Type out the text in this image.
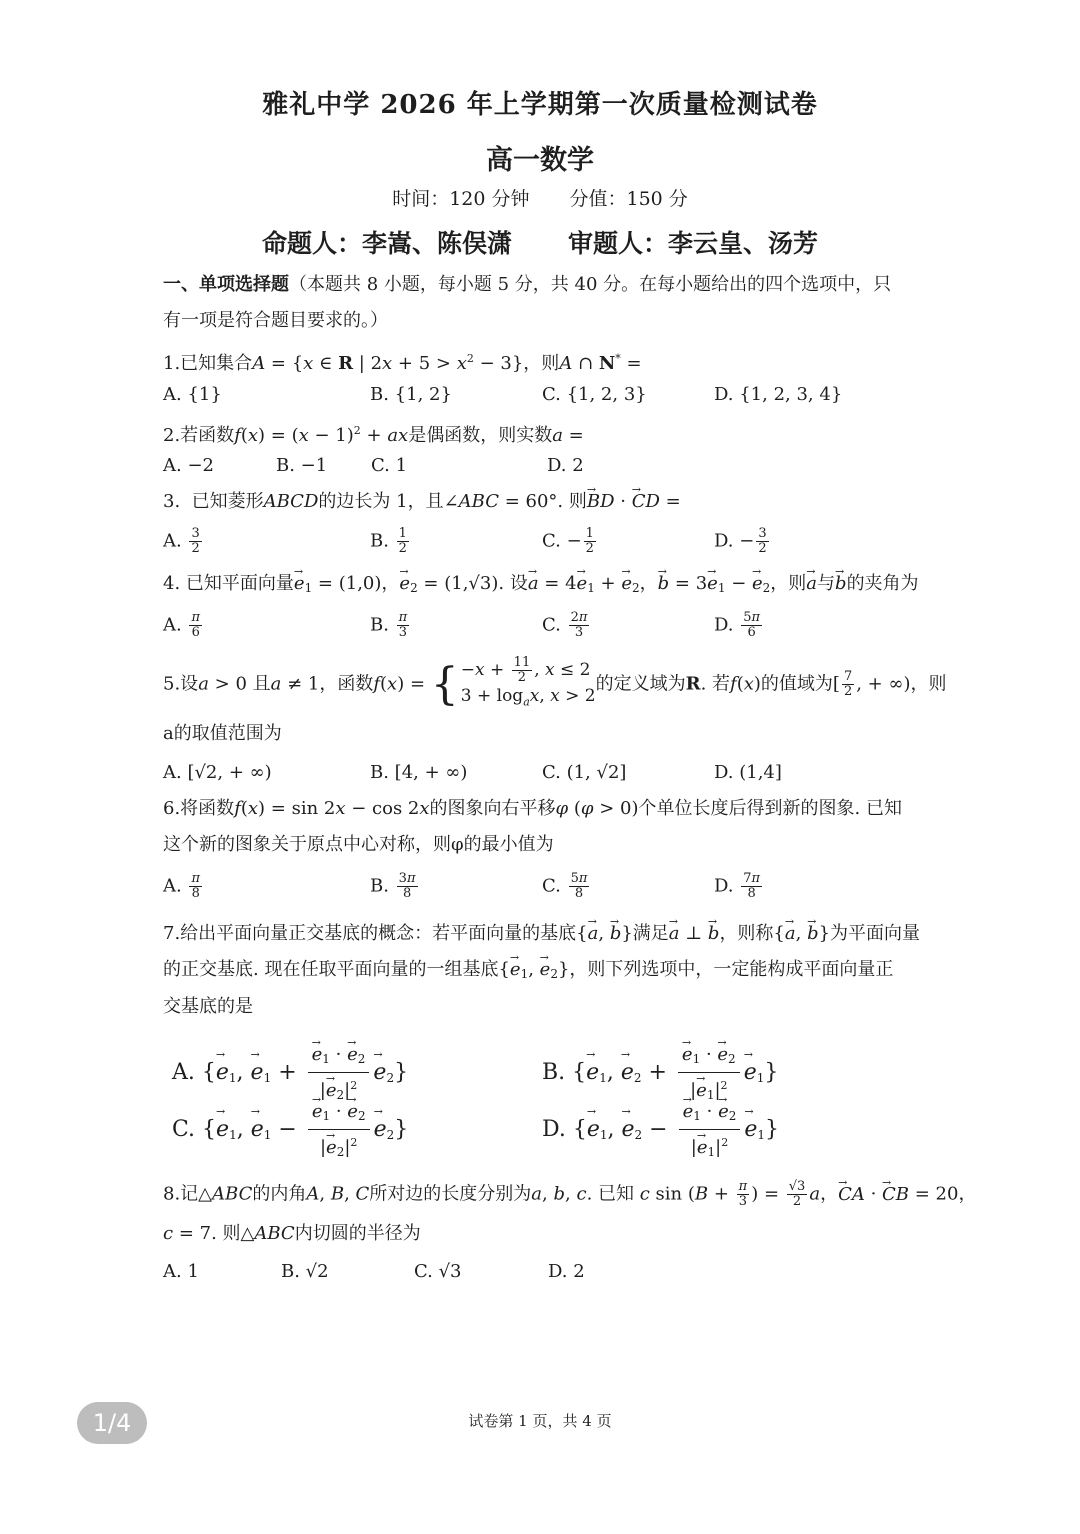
雅礼中学 2026 年上学期第一次质量检测试卷
高一数学
时间：120 分钟 分值：150 分
命题人：李嵩、陈俣潇 审题人：李云皇、汤芳
一、单项选择题（本题共 8 小题，每小题 5 分，共 40 分。在每小题给出的四个选项中，只
有一项是符合题目要求的。）
1.已知集合A = {x ∈ R | $2x + 5 > x^2 - 3$}，则A ∩ N* =
A. {1}	B. {1, 2}	C. {1, 2, 3}	D. {1, 2, 3, 4}
2.若函数$f(x) = (x - 1)^2$ + ax是偶函数，则实数a =
A. −2	B. −1 C. 1	D. 2
3.  已知菱形ABCD的边长为 1，且∠ABC = 60°. 则→ BD · → CD =
A. $\frac{3}{2}$	B. $\frac{1}{2}$	C. − $\frac{1}{2}$	D. − $\frac{3}{2}$
4. 已知平面向量→ e1 = (1,0)，→ e2 = (1,√3). 设→ a = 4→ e1 + → e2，→ b = 3→ e1 − → e2，则→ a与→ b的夹角为
A. $\frac{\pi}{6}$	B. $\frac{\pi}{3}$	C. $\frac{2\pi}{3}$	D. $\frac{5\pi}{6}$
5.设a > 0 且a ≠ 1，函数f(x) = { $-x + \frac{11}{2}$ , x ≤ 2
$3 + \log_ax$, x > 2
的定义域为R. 若f(x)的值域为[ $\frac{7}{2}$ , + ∞)，则
a的取值范围为
A. [√2, + ∞)	B. [4, + ∞)	C. (1, √2]	D. (1,4]
6.将函数f(x) = sin 2x − cos 2x的图象向右平移φ (φ > 0)个单位长度后得到新的图象. 已知
这个新的图象关于原点中心对称，则φ的最小值为
A. $\frac{\pi}{8}$	B. $\frac{3\pi}{8}$	C. $\frac{5\pi}{8}$	D. $\frac{7\pi}{8}$
7.给出平面向量正交基底的概念：若平面向量的基底{→ a, → b}满足→ a ⊥ → b，则称{→ a, → b}为平面向量
的正交基底. 现在任取平面向量的一组基底{→ e1, → e2}，则下列选项中，一定能构成平面向量正
交基底的是
A. {→ e1, → e1 +
→ $\frac{e1 \cdot \to e2}{|\to e2|^2}$
→ e2}	B. {→ e1, → e2 +
→ $\frac{e1 \cdot \to e2}{|\to e1|^2}$
→ e1}
C. {→ e1, → e1 −
→ $\frac{e1 \cdot \to e2}{|\to e2|^2}$
→ e2}	D. {→ e1, → e2 −
→ $\frac{e1 \cdot \to e2}{|\to e1|^2}$
→ e1}
8.记△ABC的内角A, B, C所对边的长度分别为a, b, c. 已知 c $\sin (B + \frac{\pi}{3}$ ) = $\frac{√3}{2}$ a，→ CA · → CB = 20，
c = 7. 则△ABC内切圆的半径为
A. 1	B. √2	C. √3	D. 2
1/4	试卷第 1 页，共 4 页
